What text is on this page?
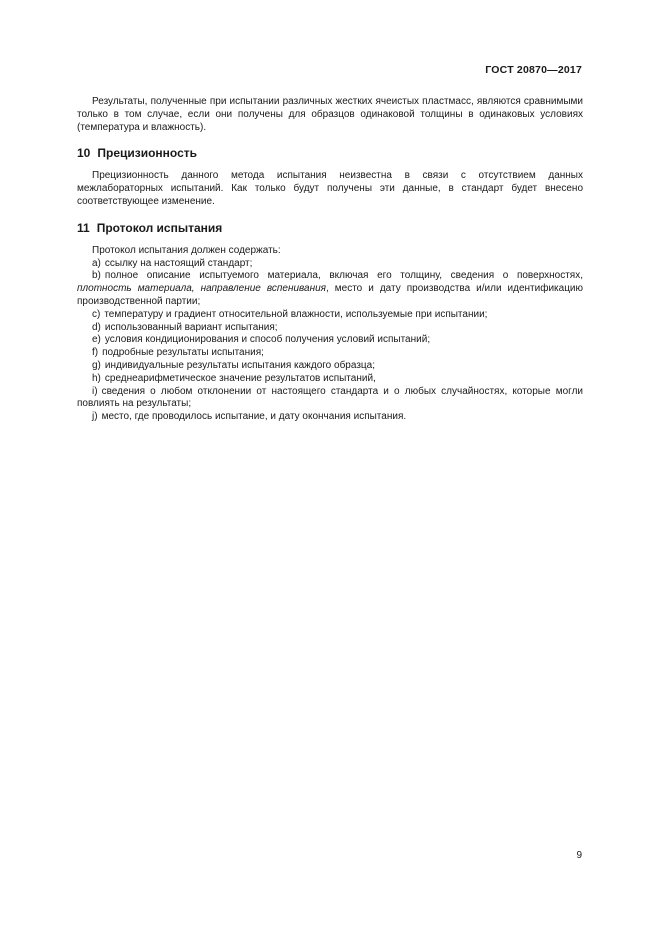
ГОСТ 20870—2017

Результаты, полученные при испытании различных жестких ячеистых пластмасс, являются сравнимыми только в том случае, если они получены для образцов одинаковой толщины в одинаковых условиях (температура и влажность).

10 Прецизионность

Прецизионность данного метода испытания неизвестна в связи с отсутствием данных межлабораторных испытаний. Как только будут получены эти данные, в стандарт будет внесено соответствующее изменение.

11 Протокол испытания

Протокол испытания должен содержать:

a) ссылку на настоящий стандарт;

b) полное описание испытуемого материала, включая его толщину, сведения о поверхностях, плотность материала, направление вспенивания, место и дату производства и/или идентификацию производственной партии;

c) температуру и градиент относительной влажности, используемые при испытании;

d) использованный вариант испытания;

e) условия кондиционирования и способ получения условий испытаний;

f) подробные результаты испытания;

g) индивидуальные результаты испытания каждого образца;

h) среднеарифметическое значение результатов испытаний,

i) сведения о любом отклонении от настоящего стандарта и о любых случайностях, которые могли повлиять на результаты;

j) место, где проводилось испытание, и дату окончания испытания.

9
